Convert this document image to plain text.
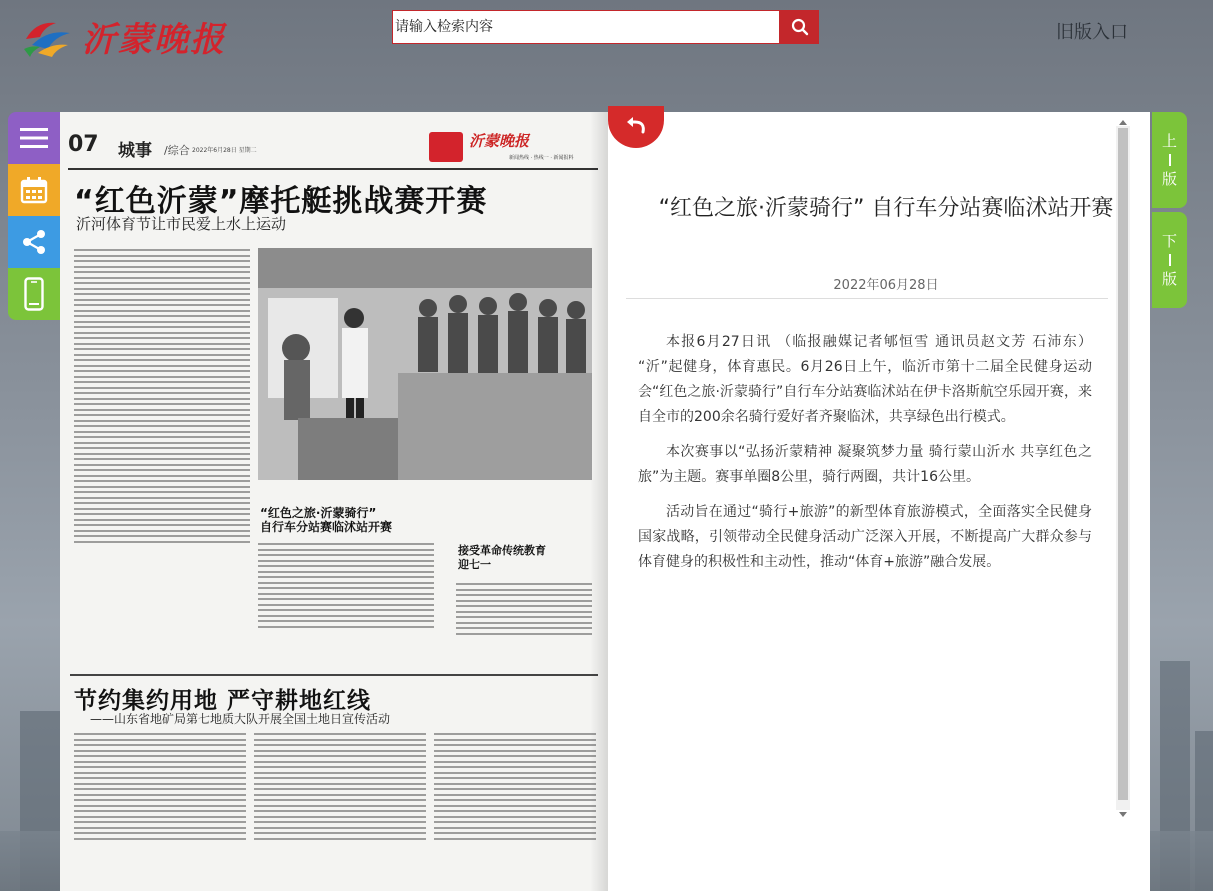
沂蒙晚报
请输入检索内容	旧版入口
07 城事 /综合 2022年6月28日 星期二
沂蒙晚报
新闻热线 · 热线一 · 新闻报料
“红色沂蒙”摩托艇挑战赛开赛
沂河体育节让市民爱上水上运动
“红色之旅·沂蒙骑行”
自行车分站赛临沭站开赛
接受革命传统教育
迎七一
节约集约用地 严守耕地红线
——山东省地矿局第七地质大队开展全国土地日宣传活动
“红色之旅·沂蒙骑行” 自行车分站赛临沭站开赛
2022年06月28日

本报6月27日讯 （临报融媒记者郇恒雪 通讯员赵文芳 石沛东） “沂”起健身，体育惠民。6月26日上午，临沂市第十二届全民健身运动会“红色之旅·沂蒙骑行”自行车分站赛临沭站在伊卡洛斯航空乐园开赛，来自全市的200余名骑行爱好者齐聚临沭，共享绿色出行模式。

本次赛事以“弘扬沂蒙精神 凝聚筑梦力量 骑行蒙山沂水 共享红色之旅”为主题。赛事单圈8公里，骑行两圈，共计16公里。

活动旨在通过“骑行+旅游”的新型体育旅游模式，全面落实全民健身国家战略，引领带动全民健身活动广泛深入开展，不断提高广大群众参与体育健身的积极性和主动性，推动“体育+旅游”融合发展。

上
版
下
版
